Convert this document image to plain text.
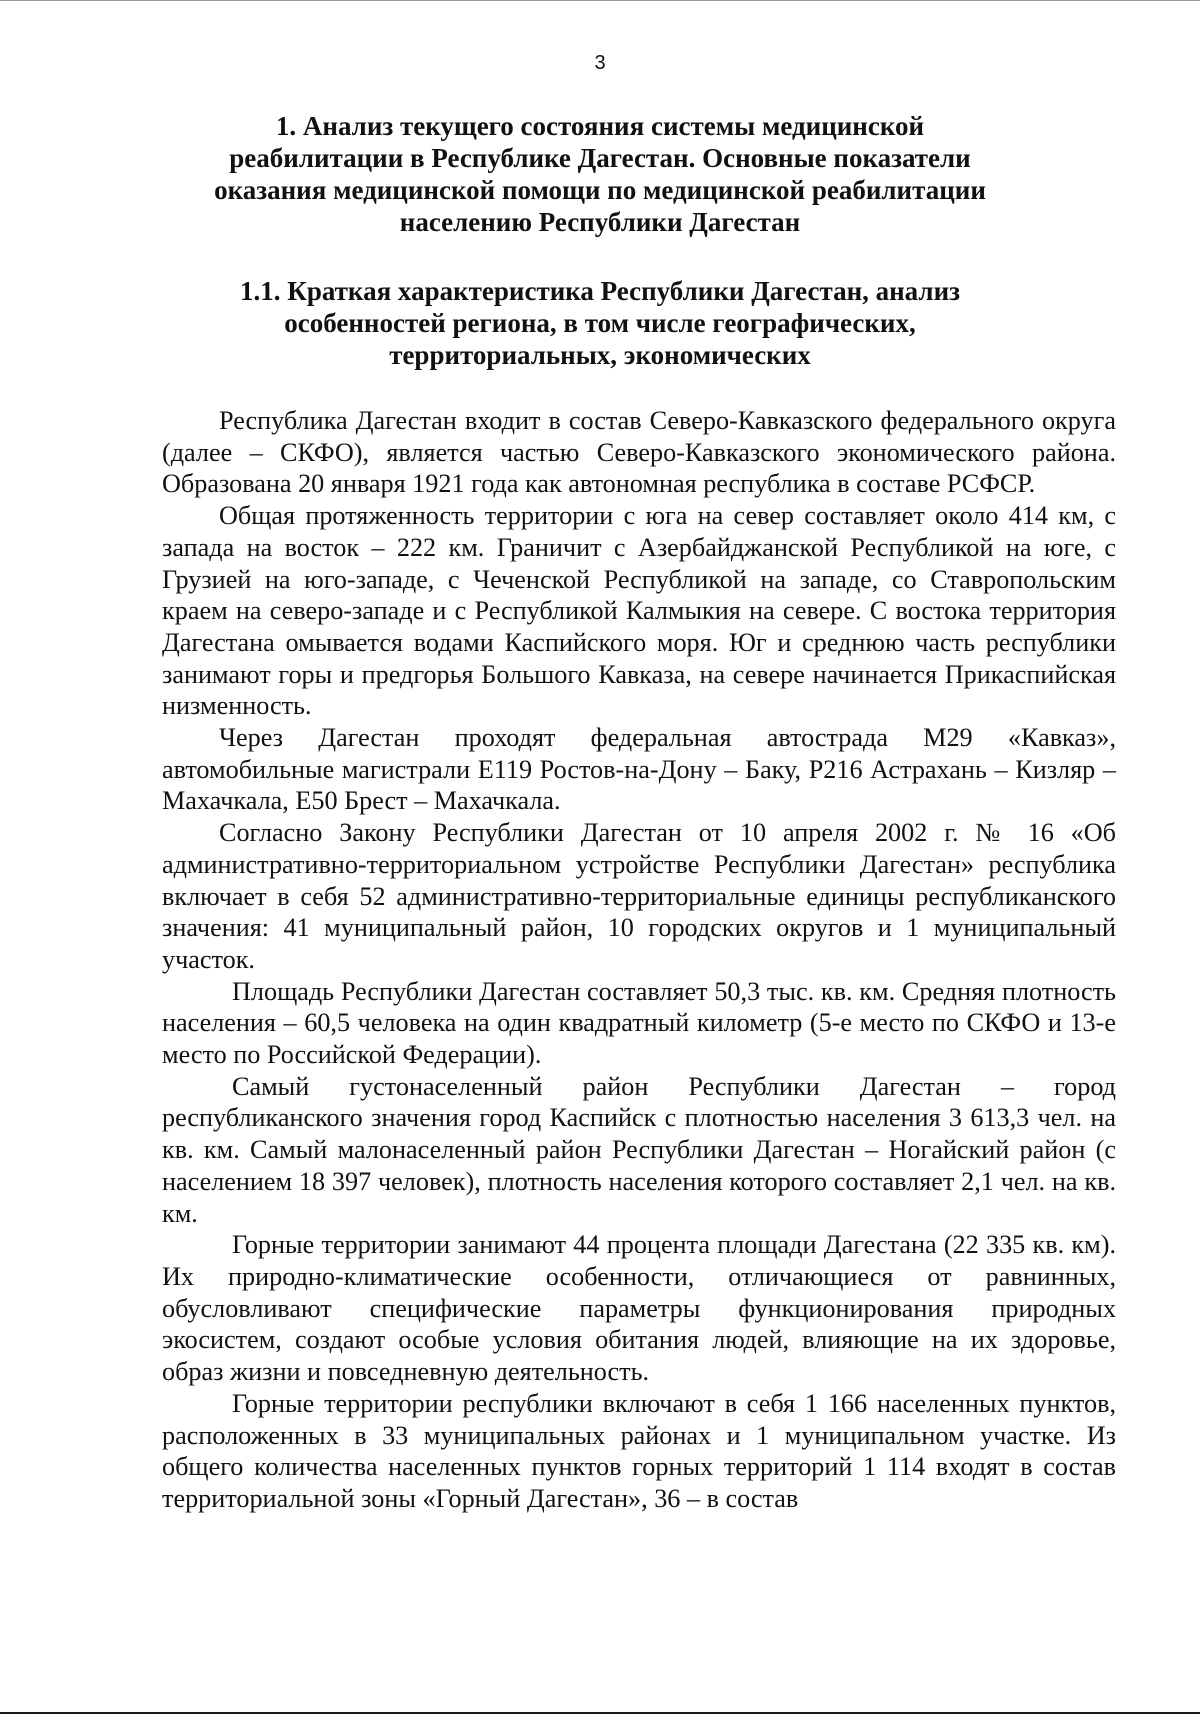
3
1. Анализ текущего состояния системы медицинской реабилитации в Республике Дагестан. Основные показатели оказания медицинской помощи по медицинской реабилитации населению Республики Дагестан
1.1. Краткая характеристика Республики Дагестан, анализ особенностей региона, в том числе географических, территориальных, экономических

Республика Дагестан входит в состав Северо-Кавказского федерального округа (далее – СКФО), является частью Северо-Кавказского экономического района. Образована 20 января 1921 года как автономная республика в составе РСФСР.

Общая протяженность территории с юга на север составляет около 414 км, с запада на восток – 222 км. Граничит с Азербайджанской Республикой на юге, с Грузией на юго-западе, с Чеченской Республикой на западе, со Ставропольским краем на северо-западе и с Республикой Калмыкия на севере. С востока территория Дагестана омывается водами Каспийского моря. Юг и среднюю часть республики занимают горы и предгорья Большого Кавказа, на севере начинается Прикаспийская низменность.

Через Дагестан проходят федеральная автострада М29 «Кавказ», автомобильные магистрали Е119 Ростов-на-Дону – Баку, Р216 Астрахань – Кизляр – Махачкала, Е50 Брест – Махачкала.

Согласно Закону Республики Дагестан от 10 апреля 2002 г. № 16 «Об административно-территориальном устройстве Республики Дагестан» республика включает в себя 52 административно-территориальные единицы республиканского значения: 41 муниципальный район, 10 городских округов и 1 муниципальный участок.

Площадь Республики Дагестан составляет 50,3 тыс. кв. км. Средняя плотность населения – 60,5 человека на один квадратный километр (5-е место по СКФО и 13-е место по Российской Федерации).

Самый густонаселенный район Республики Дагестан – город республиканского значения город Каспийск с плотностью населения 3 613,3 чел. на кв. км. Самый малонаселенный район Республики Дагестан – Ногайский район (с населением 18 397 человек), плотность населения которого составляет 2,1 чел. на кв. км.

Горные территории занимают 44 процента площади Дагестана (22 335 кв. км). Их природно-климатические особенности, отличающиеся от равнинных, обусловливают специфические параметры функционирования природных экосистем, создают особые условия обитания людей, влияющие на их здоровье, образ жизни и повседневную деятельность.

Горные территории республики включают в себя 1 166 населенных пунктов, расположенных в 33 муниципальных районах и 1 муниципальном участке. Из общего количества населенных пунктов горных территорий 1 114 входят в состав территориальной зоны «Горный Дагестан», 36 – в состав
